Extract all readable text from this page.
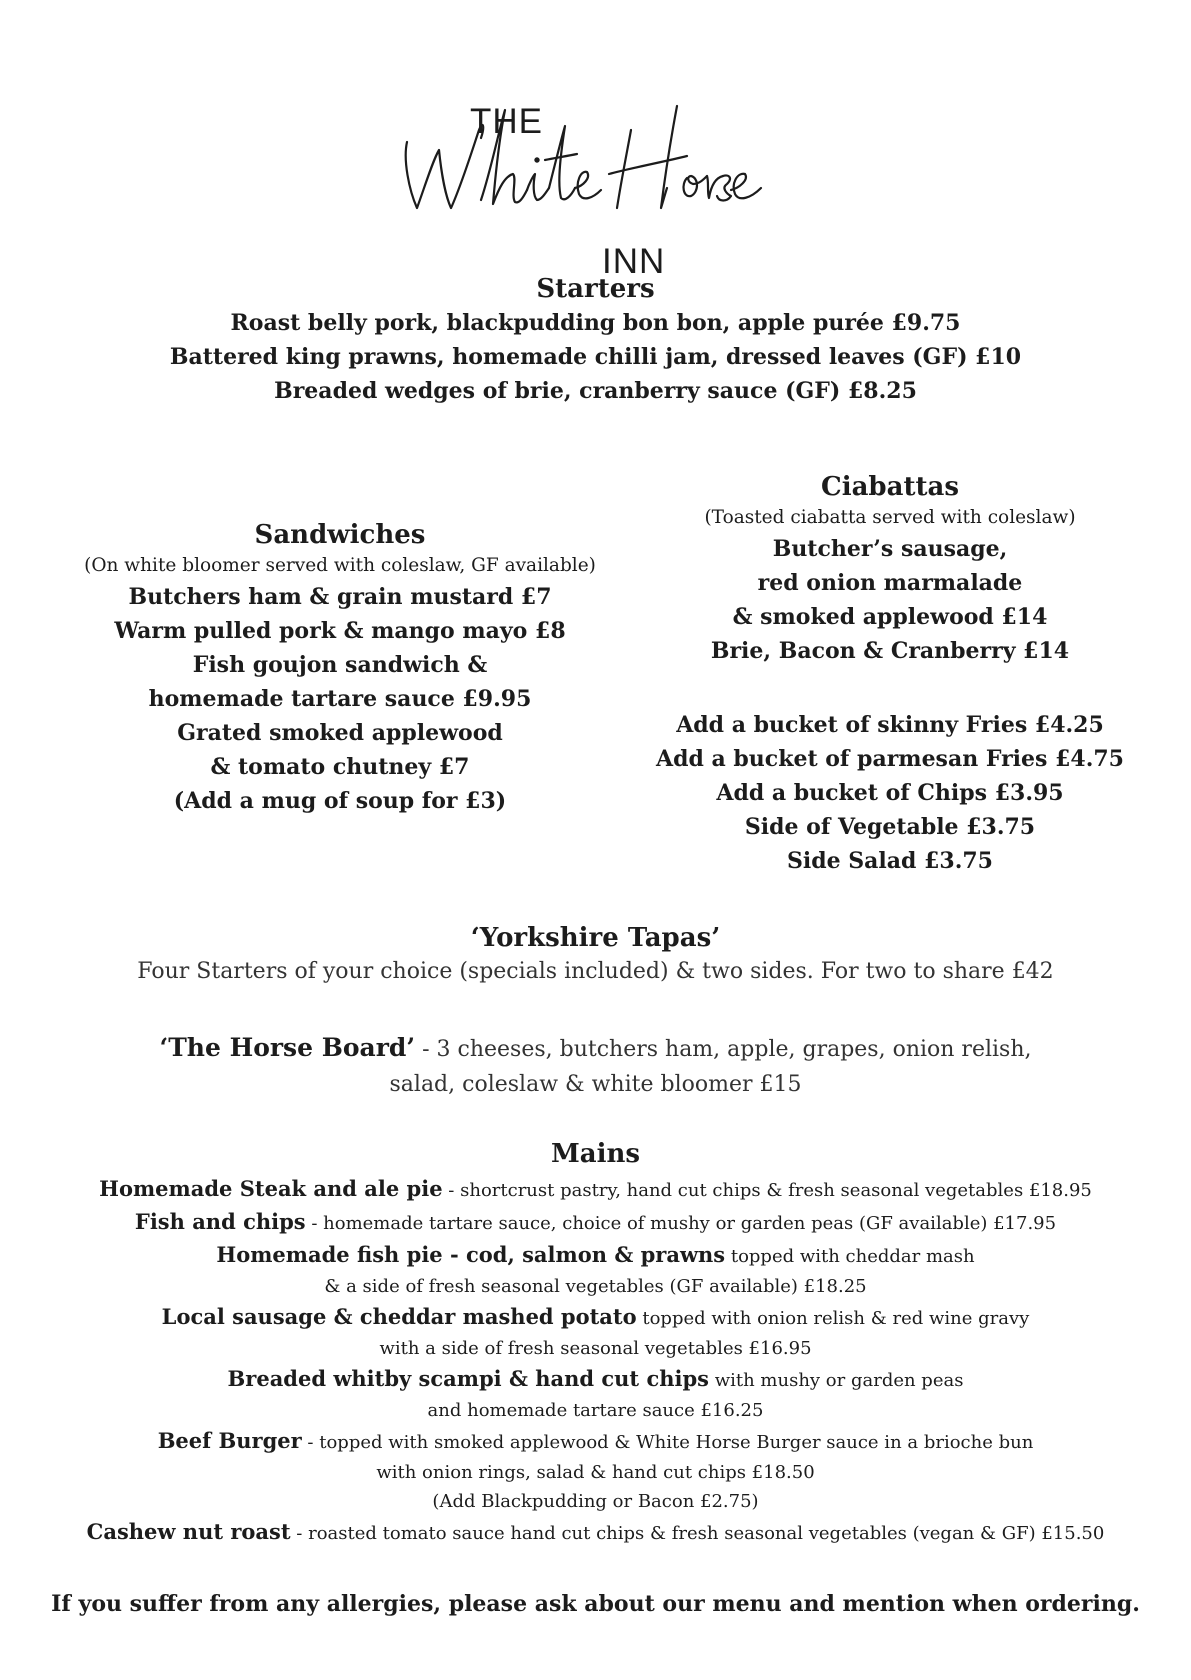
THE
INN
Starters
Roast belly pork, blackpudding bon bon, apple purée £9.75
Battered king prawns, homemade chilli jam, dressed leaves (GF) £10
Breaded wedges of brie, cranberry sauce (GF) £8.25
Sandwiches
(On white bloomer served with coleslaw, GF available)
Butchers ham & grain mustard £7
Warm pulled pork & mango mayo £8
Fish goujon sandwich &
homemade tartare sauce £9.95
Grated smoked applewood
& tomato chutney £7
(Add a mug of soup for £3)
Ciabattas
(Toasted ciabatta served with coleslaw)
Butcher’s sausage,
red onion marmalade
& smoked applewood £14
Brie, Bacon & Cranberry £14
Add a bucket of skinny Fries £4.25
Add a bucket of parmesan Fries £4.75
Add a bucket of Chips £3.95
Side of Vegetable £3.75
Side Salad £3.75
‘Yorkshire Tapas’
Four Starters of your choice (specials included) & two sides. For two to share £42
‘The Horse Board’ - 3 cheeses, butchers ham, apple, grapes, onion relish,
salad, coleslaw & white bloomer £15
Mains
Homemade Steak and ale pie - shortcrust pastry, hand cut chips & fresh seasonal vegetables £18.95
Fish and chips - homemade tartare sauce, choice of mushy or garden peas (GF available) £17.95
Homemade fish pie - cod, salmon & prawns topped with cheddar mash
& a side of fresh seasonal vegetables (GF available) £18.25
Local sausage & cheddar mashed potato topped with onion relish & red wine gravy
with a side of fresh seasonal vegetables £16.95
Breaded whitby scampi & hand cut chips with mushy or garden peas
and homemade tartare sauce £16.25
Beef Burger - topped with smoked applewood & White Horse Burger sauce in a brioche bun
with onion rings, salad & hand cut chips £18.50
(Add Blackpudding or Bacon £2.75)
Cashew nut roast - roasted tomato sauce hand cut chips & fresh seasonal vegetables (vegan & GF) £15.50
If you suffer from any allergies, please ask about our menu and mention when ordering.
